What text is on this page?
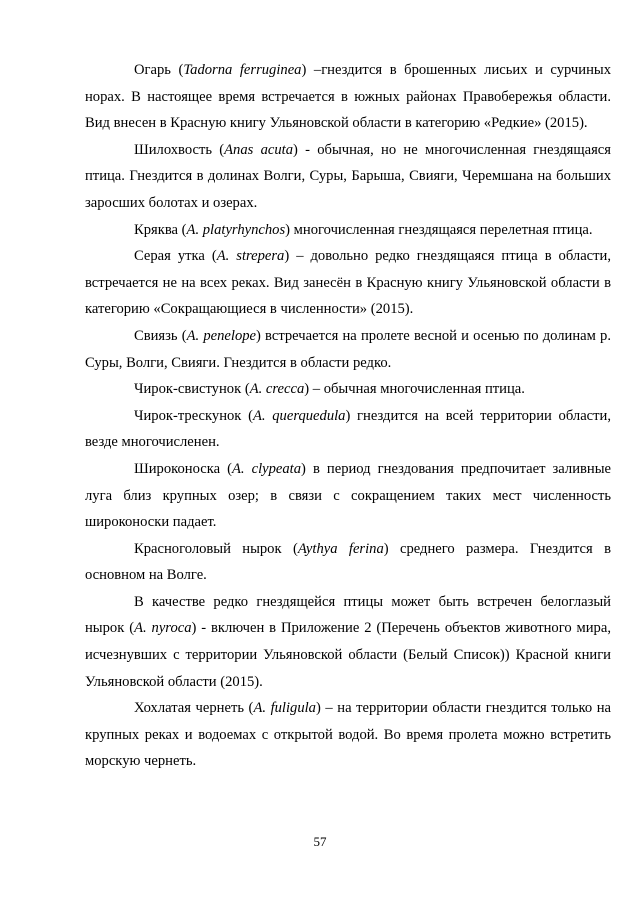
Огарь (Tadorna ferruginea) –гнездится в брошенных лисьих и сурчиных норах. В настоящее время встречается в южных районах Правобережья области. Вид внесен в Красную книгу Ульяновской области в категорию «Редкие» (2015).

Шилохвость (Anas acuta) - обычная, но не многочисленная гнездящаяся птица. Гнездится в долинах Волги, Суры, Барыша, Свияги, Черемшана на больших заросших болотах и озерах.

Кряква (A. platyrhynchos) многочисленная гнездящаяся перелетная птица.

Серая утка (A. strepera) – довольно редко гнездящаяся птица в области, встречается не на всех реках. Вид занесён в Красную книгу Ульяновской области в категорию «Сокращающиеся в численности» (2015).

Свиязь (A. penelope) встречается на пролете весной и осенью по долинам р. Суры, Волги, Свияги. Гнездится в области редко.

Чирок-свистунок (A. crecca) – обычная многочисленная птица.

Чирок-трескунок (A. querquedula) гнездится на всей территории области, везде многочисленен.

Широконоска (A. clypeata) в период гнездования предпочитает заливные луга близ крупных озер; в связи с сокращением таких мест численность широконоски падает.

Красноголовый нырок (Aythya ferina) среднего размера. Гнездится в основном на Волге.

В качестве редко гнездящейся птицы может быть встречен белоглазый нырок (A. nyroca) - включен в Приложение 2 (Перечень объектов животного мира, исчезнувших с территории Ульяновской области (Белый Список)) Красной книги Ульяновской области (2015).

Хохлатая чернеть (A. fuligula) – на территории области гнездится только на крупных реках и водоемах с открытой водой. Во время пролета можно встретить морскую чернеть.

57
